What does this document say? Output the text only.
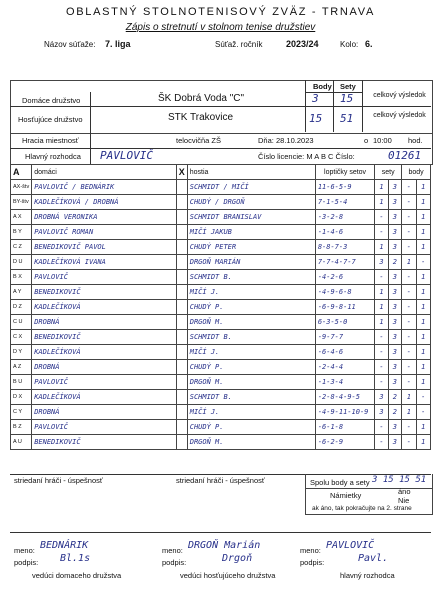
OBLASTNÝ STOLNOTENISOVÝ ZVÄZ - TRNAVA
Zápis o stretnutí v stolnom tenise družstiev
Názov súťaže: 7. liga	Súťaž. ročník	2023/24	Kolo: 6.
Body Sety
Domáce družstvo	ŠK Dobrá Voda "C"	3 15	celkový výsledok
Hosťujúce družstvo	STK Trakovice	15 51	celkový výsledok
Hracia miestnosť	telocvičňa ZŠ	Dňa: 28.10.2023	o 10:00 hod.
Hlavný rozhodca PAVLOVIČ	Číslo licencie: M A B C Číslo:	01261
A	domáci	X	hostia	loptičky setov	sety		body	
AX-štv	PAVLOVIČ / BEDNÁRIK		SCHMIDT / MIČÍ	11-6-5-9	1	3	-	1
BY-štv	KADLEČÍKOVÁ / DROBNÁ		CHUDÝ / DRGOŇ	7-1-5-4	1	3	-	1
A X	DROBNÁ VERONIKA		SCHMIDT BRANISLAV	-3-2-8	-	3	-	1
B Y	PAVLOVIČ ROMAN		MIČÍ JAKUB	-1-4-6	-	3	-	1
C Z	BENEDIKOVIČ PAVOL		CHUDÝ PETER	8-8-7-3	1	3	-	1
D U	KADLEČÍKOVÁ IVANA		DRGOŇ MARIÁN	7-7-4-7-7	3	2	1	-
B X	PAVLOVIČ		SCHMIDT B.	-4-2-6	-	3	-	1
A Y	BENEDIKOVIČ		MIČÍ J.	-4-9-6-8	1	3	-	1
D Z	KADLEČÍKOVÁ		CHUDÝ P.	-6-9-8-11	1	3	-	1
C U	DROBNÁ		DRGOŇ M.	6-3-5-0	1	3	-	1
C X	BENEDIKOVIČ		SCHMIDT B.	-9-7-7	-	3	-	1
D Y	KADLEČÍKOVÁ		MIČÍ J.	-6-4-6	-	3	-	1
A Z	DROBNÁ		CHUDÝ P.	-2-4-4	-	3	-	1
B U	PAVLOVIČ		DRGOŇ M.	-1-3-4	-	3	-	1
D X	KADLEČÍKOVÁ		SCHMIDT B.	-2-8-4-9-5	3	2	1	-
C Y	DROBNÁ		MIČÍ J.	-4-9-11-10-9	3	2	1	-
B Z	PAVLOVIČ		CHUDÝ P.	-6-1-8	-	3	-	1
A U	BENEDIKOVIČ		DRGOŇ M.	-6-2-9	-	3	-	1
striedaní hráči - úspešnosť	striedaní hráči - úspešnosť	Spolu body a sety 3 15 15 51
Námietky	áno
Nie
ak áno, tak pokračujte na 2. strane
meno: BEDNÁRIK
podpis: Bl.1s
vedúci domaceho družstva
meno: DRGOŇ Marián
podpis:	Drgoň
vedúci hosťujúceho družstva
meno: PAVLOVIČ
podpis:	Pavl.
hlavný rozhodca
